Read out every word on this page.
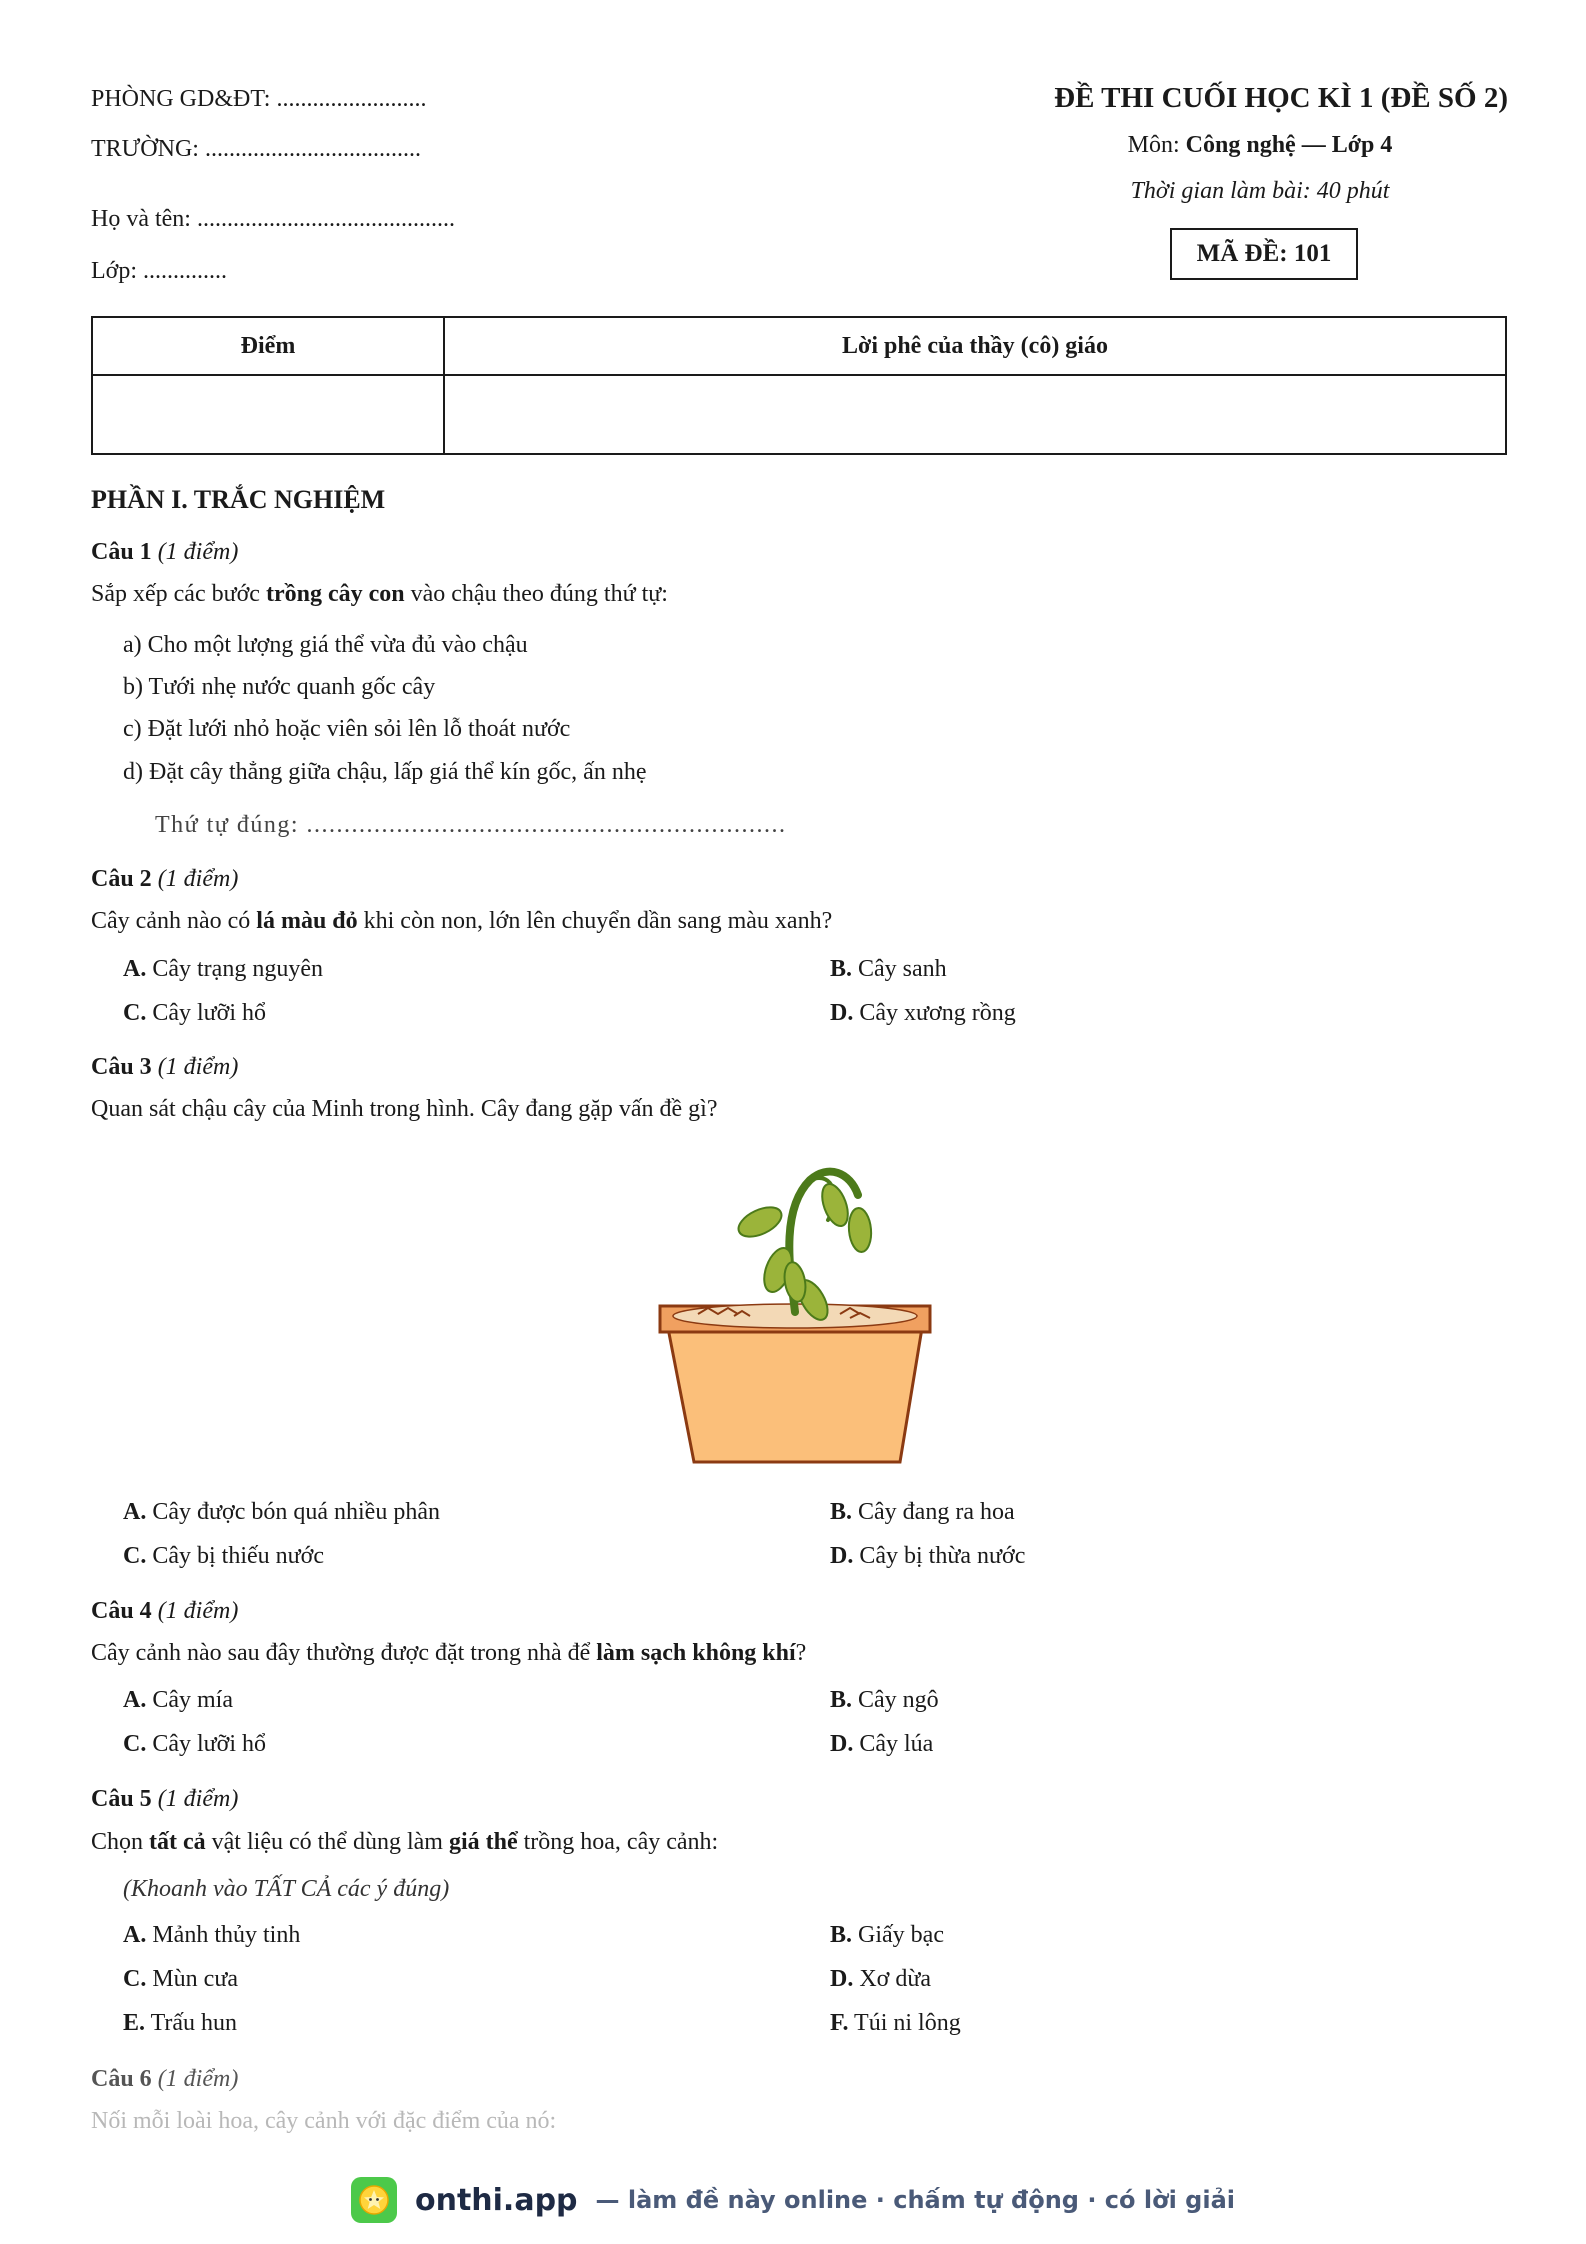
PHÒNG GD&ĐT: .........................
TRƯỜNG: ....................................
Họ và tên: ...........................................
Lớp: ..............
ĐỀ THI CUỐI HỌC KÌ 1 (ĐỀ SỐ 2)
Môn: Công nghệ — Lớp 4
Thời gian làm bài: 40 phút
MÃ ĐỀ: 101
Điểm	Lời phê của thầy (cô) giáo

PHẦN I. TRẮC NGHIỆM
Câu 1 (1 điểm)
Sắp xếp các bước trồng cây con vào chậu theo đúng thứ tự:
a) Cho một lượng giá thể vừa đủ vào chậu
b) Tưới nhẹ nước quanh gốc cây
c) Đặt lưới nhỏ hoặc viên sỏi lên lỗ thoát nước
d) Đặt cây thẳng giữa chậu, lấp giá thể kín gốc, ấn nhẹ
Thứ tự đúng: ................................................................
Câu 2 (1 điểm)
Cây cảnh nào có lá màu đỏ khi còn non, lớn lên chuyển dần sang màu xanh?
A. Cây trạng nguyên	B. Cây sanh
C. Cây lưỡi hổ	D. Cây xương rồng
Câu 3 (1 điểm)
Quan sát chậu cây của Minh trong hình. Cây đang gặp vấn đề gì?
A. Cây được bón quá nhiều phân	B. Cây đang ra hoa
C. Cây bị thiếu nước	D. Cây bị thừa nước
Câu 4 (1 điểm)
Cây cảnh nào sau đây thường được đặt trong nhà để làm sạch không khí?
A. Cây mía	B. Cây ngô
C. Cây lưỡi hổ	D. Cây lúa
Câu 5 (1 điểm)
Chọn tất cả vật liệu có thể dùng làm giá thể trồng hoa, cây cảnh:
(Khoanh vào TẤT CẢ các ý đúng)
A. Mảnh thủy tinh	B. Giấy bạc
C. Mùn cưa	D. Xơ dừa
E. Trấu hun	F. Túi ni lông
Câu 6 (1 điểm)
Nối mỗi loài hoa, cây cảnh với đặc điểm của nó:
onthi.app — làm đề này online · chấm tự động · có lời giải
